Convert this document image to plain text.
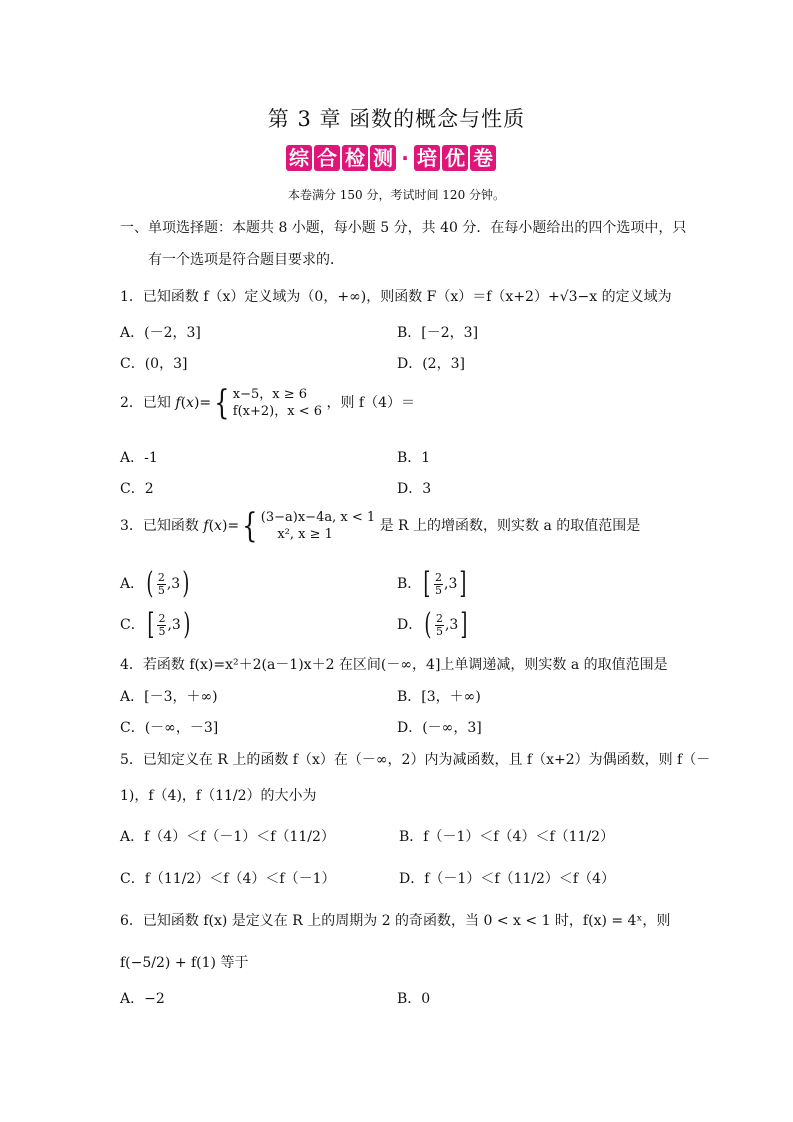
第 3 章 函数的概念与性质
综 合 检 测 · 培 优 卷
本卷满分 150 分，考试时间 120 分钟。
一、单项选择题：本题共 8 小题，每小题 5 分，共 40 分．在每小题给出的四个选项中，只
有一个选项是符合题目要求的．
1．已知函数 f（x）定义域为（0，+∞)，则函数 F（x）＝f（x+2）+√3−x 的定义域为
A．(－2，3]	B．[－2，3]
C．(0，3]	D．(2，3]
2．已知 f(x)={ x−5，x ≥ 6
f(x+2)，x < 6 ，则 f（4）＝
A．-1	B．1
C．2	D．3
3．已知函数 f(x)={ (3−a)x−4a, x < 1
x², x ≥ 1 是 R 上的增函数，则实数 a 的取值范围是
A．( $\frac{2}{5} ,3$)	B．[ $\frac{2}{5} ,3$]
C．[ $\frac{2}{5} ,3$)	D．( $\frac{2}{5} ,3$]
4．若函数 f(x)=x²＋2(a－1)x＋2 在区间(－∞，4]上单调递减，则实数 a 的取值范围是
A．[－3，＋∞)	B．[3，＋∞)
C．(－∞，－3]	D．(－∞，3]
5．已知定义在 R 上的函数 f（x）在（－∞，2）内为减函数，且 f（x+2）为偶函数，则 f（－
1)，f（4)，f（11/2）的大小为
A．f（4）＜f（－1）＜f（11/2）	B．f（－1）＜f（4）＜f（11/2）
C．f（11/2）＜f（4）＜f（－1）	D．f（－1）＜f（11/2）＜f（4）
6．已知函数 f(x) 是定义在 R 上的周期为 2 的奇函数，当 0 < x < 1 时，f(x) = 4ˣ，则
f(−5/2) + f(1) 等于
A．−2	B．0
